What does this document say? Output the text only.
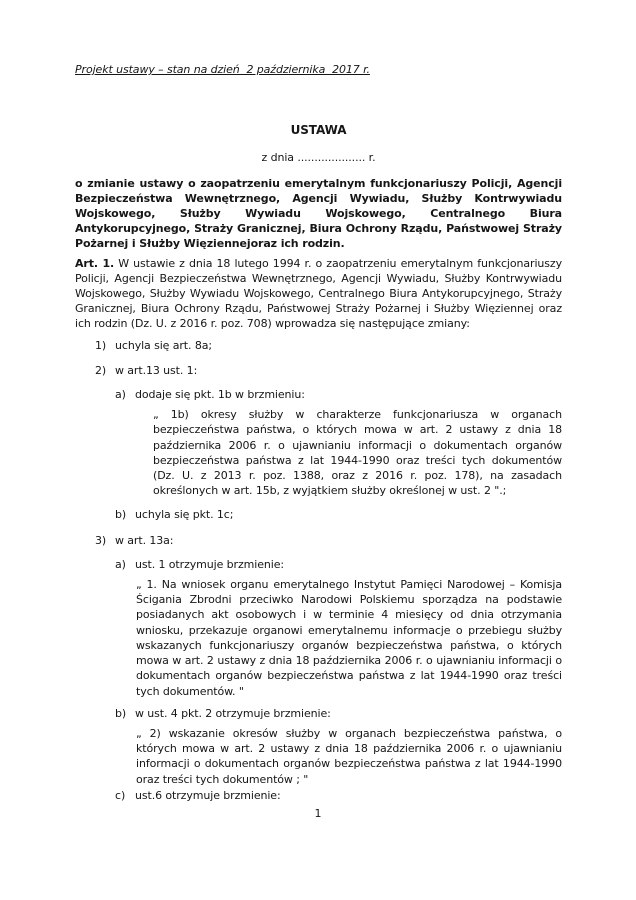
Projekt ustawy – stan na dzień  2 października  2017 r.
USTAWA
z dnia .................... r.

o zmianie ustawy o zaopatrzeniu emerytalnym funkcjonariuszy Policji, Agencji Bezpieczeństwa Wewnętrznego, Agencji Wywiadu, Służby Kontrwywiadu Wojskowego, Służby Wywiadu Wojskowego, Centralnego Biura Antykorupcyjnego, Straży Granicznej, Biura Ochrony Rządu, Państwowej Straży Pożarnej i Służby Więziennejoraz ich rodzin.

Art. 1. W ustawie z dnia 18 lutego 1994 r. o zaopatrzeniu emerytalnym funkcjonariuszy Policji, Agencji Bezpieczeństwa Wewnętrznego, Agencji Wywiadu, Służby Kontrwywiadu Wojskowego, Służby Wywiadu Wojskowego, Centralnego Biura Antykorupcyjnego, Straży Granicznej, Biura Ochrony Rządu, Państwowej Straży Pożarnej i Służby Więziennej oraz ich rodzin (Dz. U. z 2016 r. poz. 708) wprowadza się następujące zmiany:

1) uchyla się art. 8a;
2) w art.13 ust. 1:
a) dodaje się pkt. 1b w brzmieniu:
„ 1b) okresy służby w charakterze funkcjonariusza w organach bezpieczeństwa państwa, o których mowa w art. 2 ustawy z dnia 18 października 2006 r. o ujawnianiu informacji o dokumentach organów bezpieczeństwa państwa z lat 1944-1990 oraz treści tych dokumentów (Dz. U. z 2013 r. poz. 1388, oraz z 2016 r. poz. 178), na zasadach określonych w art. 15b, z wyjątkiem służby określonej w ust. 2 ".;
b) uchyla się pkt. 1c;
3) w art. 13a:
a) ust. 1 otrzymuje brzmienie:
„ 1. Na wniosek organu emerytalnego Instytut Pamięci Narodowej – Komisja Ścigania Zbrodni przeciwko Narodowi Polskiemu sporządza na podstawie posiadanych akt osobowych i w terminie 4 miesięcy od dnia otrzymania wniosku, przekazuje organowi emerytalnemu informacje o przebiegu służby wskazanych funkcjonariuszy organów bezpieczeństwa państwa, o których mowa w art. 2 ustawy z dnia 18 października 2006 r. o ujawnianiu informacji o dokumentach organów bezpieczeństwa państwa z lat 1944-1990 oraz treści tych dokumentów. "
b) w ust. 4 pkt. 2 otrzymuje brzmienie:
„ 2) wskazanie okresów służby w organach bezpieczeństwa państwa, o których mowa w art. 2 ustawy z dnia 18 października 2006 r. o ujawnianiu informacji o dokumentach organów bezpieczeństwa państwa z lat 1944-1990 oraz treści tych dokumentów ; "
c) ust.6 otrzymuje brzmienie:
1
